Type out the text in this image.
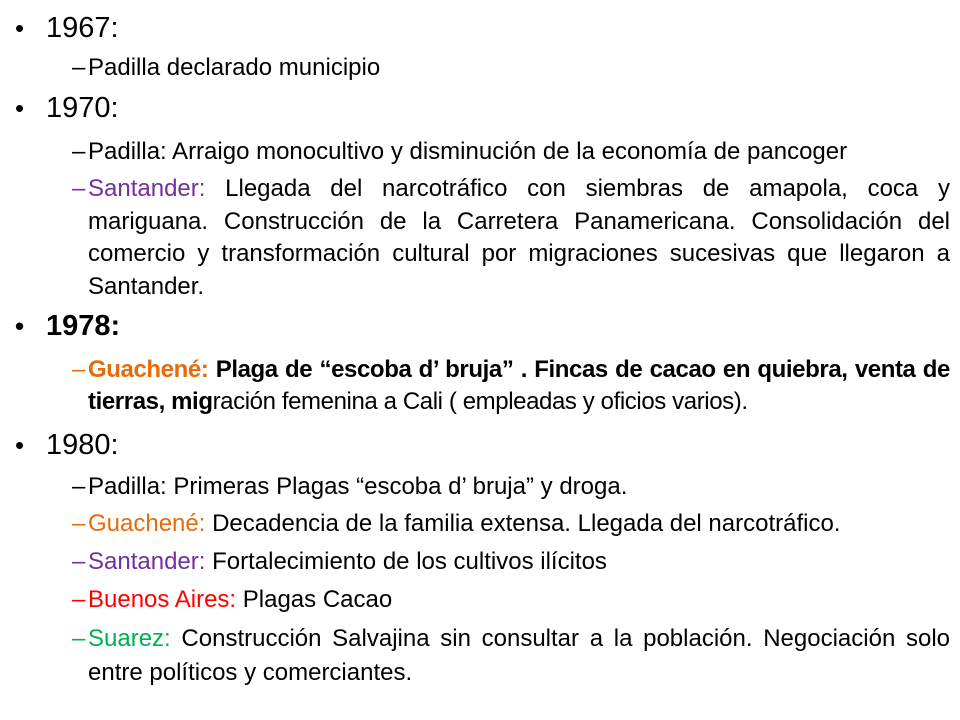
• 1967:
– Padilla declarado municipio
• 1970:
– Padilla: Arraigo monocultivo y disminución de la economía de pancoger
– Santander: Llegada del narcotráfico con siembras de amapola, coca y mariguana. Construcción de la Carretera Panamericana. Consolidación del comercio y transformación cultural por migraciones sucesivas que llegaron a Santander.
• 1978:
– Guachené: Plaga de “escoba d’ bruja” . Fincas de cacao en quiebra, venta de tierras, migración femenina a Cali ( empleadas y oficios varios).
• 1980:
– Padilla: Primeras Plagas “escoba d’ bruja” y droga.
– Guachené: Decadencia de la familia extensa. Llegada del narcotráfico.
– Santander: Fortalecimiento de los cultivos ilícitos
– Buenos Aires: Plagas Cacao
– Suarez: Construcción Salvajina sin consultar a la población. Negociación solo entre políticos y comerciantes.
